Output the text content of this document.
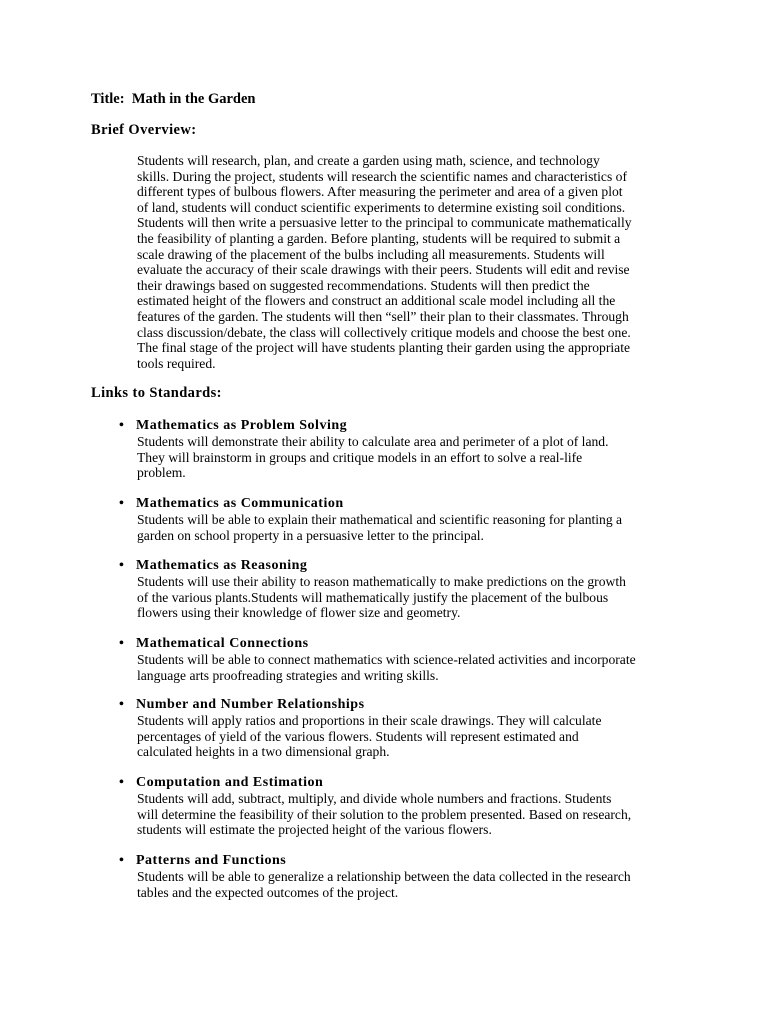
Title: Math in the Garden
Brief Overview:
Students will research, plan, and create a garden using math, science, and technology
skills. During the project, students will research the scientific names and characteristics of
different types of bulbous flowers. After measuring the perimeter and area of a given plot
of land, students will conduct scientific experiments to determine existing soil conditions.
Students will then write a persuasive letter to the principal to communicate mathematically
the feasibility of planting a garden. Before planting, students will be required to submit a
scale drawing of the placement of the bulbs including all measurements. Students will
evaluate the accuracy of their scale drawings with their peers. Students will edit and revise
their drawings based on suggested recommendations. Students will then predict the
estimated height of the flowers and construct an additional scale model including all the
features of the garden. The students will then “sell” their plan to their classmates. Through
class discussion/debate, the class will collectively critique models and choose the best one.
The final stage of the project will have students planting their garden using the appropriate
tools required.
Links to Standards:
• Mathematics as Problem Solving
Students will demonstrate their ability to calculate area and perimeter of a plot of land.
They will brainstorm in groups and critique models in an effort to solve a real-life
problem.
• Mathematics as Communication
Students will be able to explain their mathematical and scientific reasoning for planting a
garden on school property in a persuasive letter to the principal.
• Mathematics as Reasoning
Students will use their ability to reason mathematically to make predictions on the growth
of the various plants.Students will mathematically justify the placement of the bulbous
flowers using their knowledge of flower size and geometry.
• Mathematical Connections
Students will be able to connect mathematics with science-related activities and incorporate
language arts proofreading strategies and writing skills.
• Number and Number Relationships
Students will apply ratios and proportions in their scale drawings. They will calculate
percentages of yield of the various flowers. Students will represent estimated and
calculated heights in a two dimensional graph.
• Computation and Estimation
Students will add, subtract, multiply, and divide whole numbers and fractions. Students
will determine the feasibility of their solution to the problem presented. Based on research,
students will estimate the projected height of the various flowers.
• Patterns and Functions
Students will be able to generalize a relationship between the data collected in the research
tables and the expected outcomes of the project.
